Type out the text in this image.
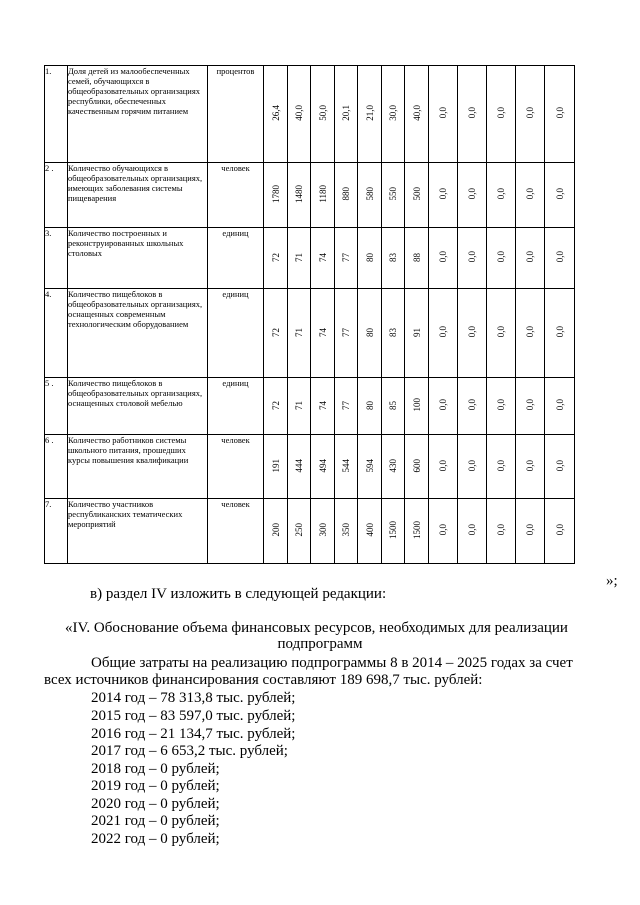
1.	Доля детей из малообеспеченных семей, обучающихся в общеобразовательных организациях республики, обеспеченных качественным горячим питанием	процентов	26,4	40,0	50,0	20,1	21,0	30,0	40,0	0,0	0,0	0,0	0,0	0,0
2 .	Количество обучающихся в общеобразовательных организациях, имеющих заболевания системы пищеварения	человек	1780	1480	1180	880	580	550	500	0,0	0,0	0,0	0,0	0,0
3.	Количество построенных и реконструированных школьных столовых	единиц	72	71	74	77	80	83	88	0,0	0,0	0,0	0,0	0,0
4.	Количество пищеблоков в общеобразовательных организациях, оснащенных современным технологическим оборудованием	единиц	72	71	74	77	80	83	91	0,0	0,0	0,0	0,0	0,0
5 .	Количество пищеблоков в общеобразовательных организациях, оснащенных столовой мебелью	единиц	72	71	74	77	80	85	100	0,0	0,0	0,0	0,0	0,0
6 .	Количество работников системы школьного питания, прошедших курсы повышения квалификации	человек	191	444	494	544	594	430	600	0,0	0,0	0,0	0,0	0,0
7.	Количество участников республиканских тематических мероприятий	человек	200	250	300	350	400	1500	1500	0,0	0,0	0,0	0,0	0,0
»;
в) раздел IV изложить в следующей редакции:
«IV. Обоснование объема финансовых ресурсов, необходимых для реализации
подпрограмм
Общие затраты на реализацию подпрограммы 8 в 2014 – 2025 годах за счет
всех источников финансирования составляют 189 698,7 тыс. рублей:
2014 год – 78 313,8 тыс. рублей;
2015 год – 83 597,0 тыс. рублей;
2016 год – 21 134,7 тыс. рублей;
2017 год – 6 653,2 тыс. рублей;
2018 год – 0 рублей;
2019 год – 0 рублей;
2020 год – 0 рублей;
2021 год – 0 рублей;
2022 год – 0 рублей;
